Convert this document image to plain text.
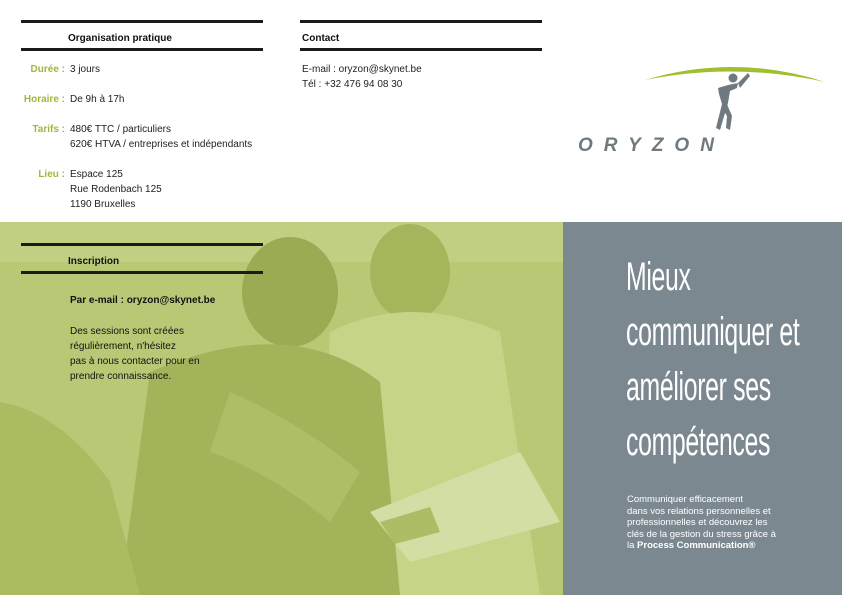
Organisation pratique
Durée : 3 jours
Horaire : De 9h à 17h
Tarifs : 480€ TTC / particuliers
620€ HTVA / entreprises et indépendants
Lieu : Espace 125
Rue Rodenbach 125
1190 Bruxelles
Contact
E-mail : oryzon@skynet.be
Tél : +32 476 94 08 30
ORYZON
Inscription
Par e-mail : oryzon@skynet.be
Des sessions sont créées
régulièrement, n'hésitez
pas à nous contacter pour en
prendre connaissance.
Mieux
communiquer et
améliorer ses
compétences
Communiquer efficacement
dans vos relations personnelles et
professionnelles et découvrez les
clés de la gestion du stress grâce à
la Process Communication®
